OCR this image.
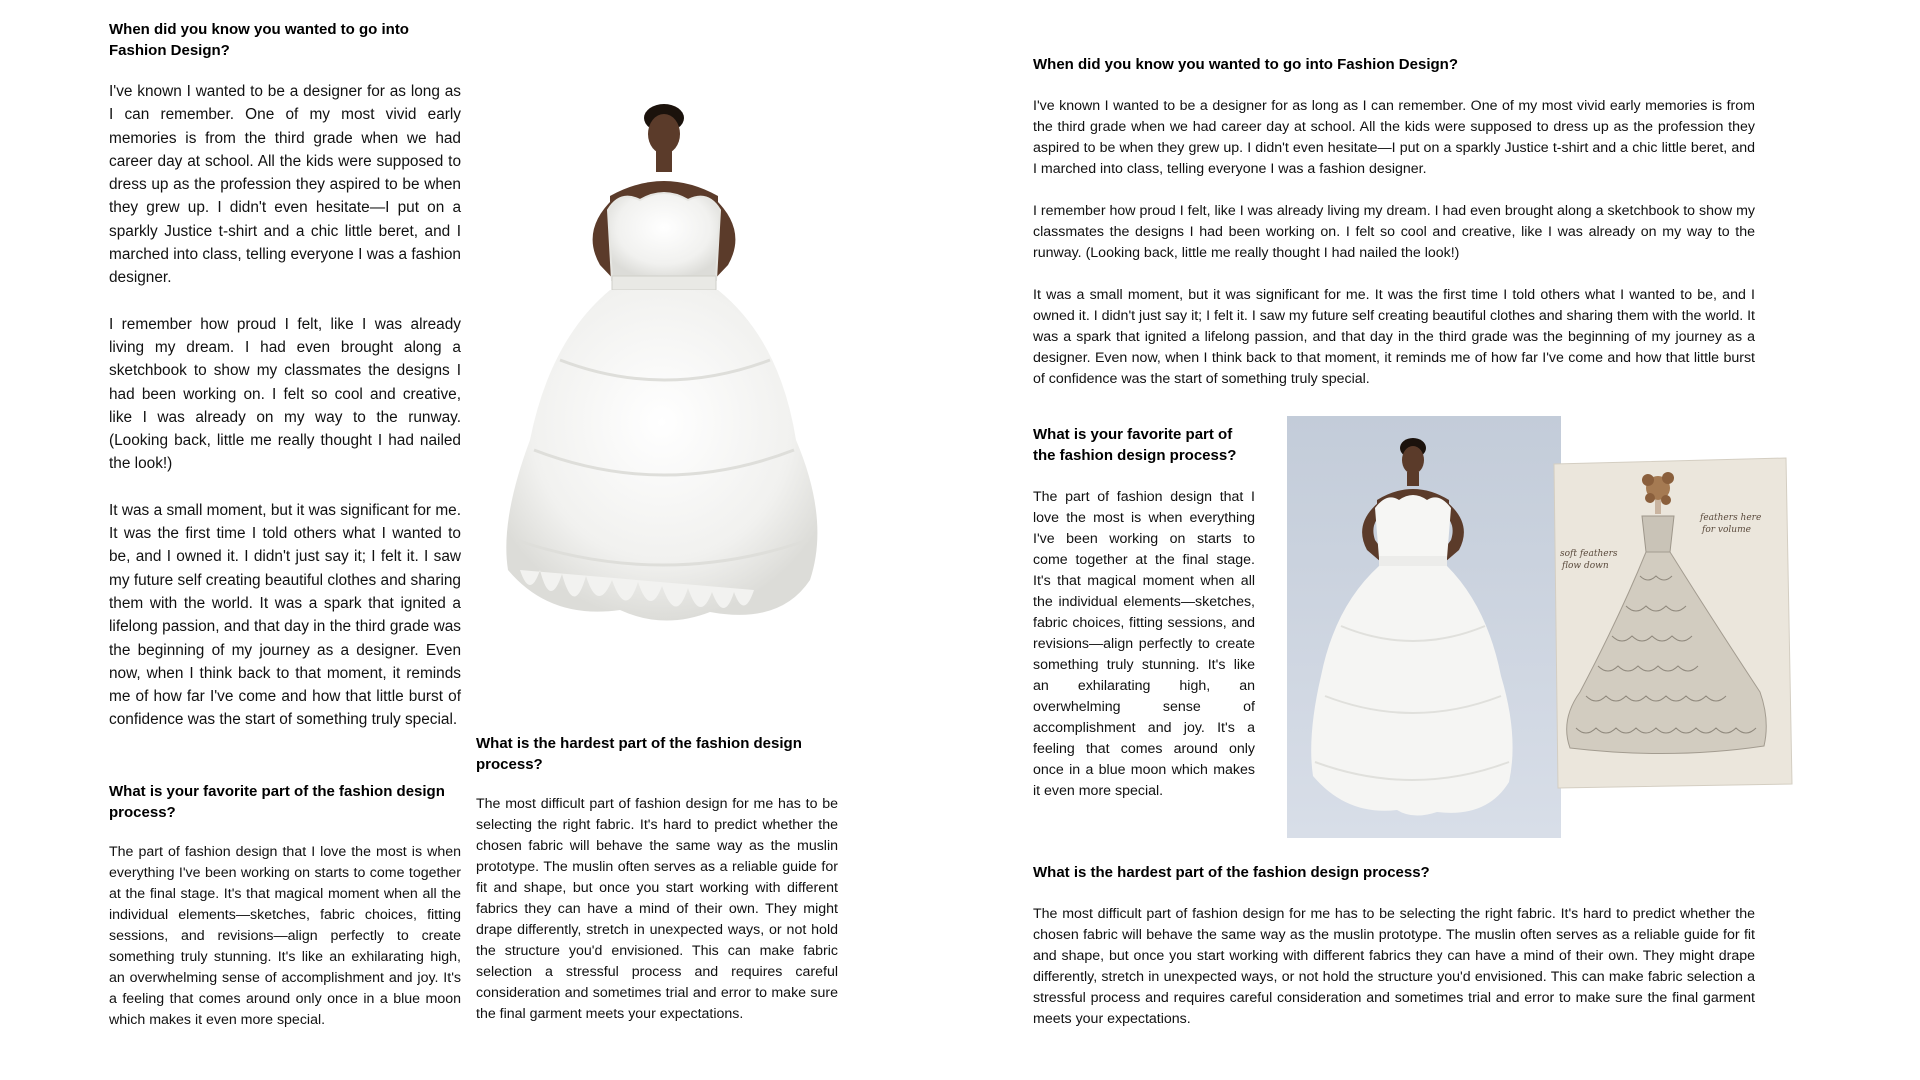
When did you know you wanted to go into Fashion Design?

I've known I wanted to be a designer for as long as I can remember. One of my most vivid early memories is from the third grade when we had career day at school. All the kids were supposed to dress up as the profession they aspired to be when they grew up. I didn't even hesitate—I put on a sparkly Justice t-shirt and a chic little beret, and I marched into class, telling everyone I was a fashion designer.

I remember how proud I felt, like I was already living my dream. I had even brought along a sketchbook to show my classmates the designs I had been working on. I felt so cool and creative, like I was already on my way to the runway. (Looking back, little me really thought I had nailed the look!)

It was a small moment, but it was significant for me. It was the first time I told others what I wanted to be, and I owned it. I didn't just say it; I felt it. I saw my future self creating beautiful clothes and sharing them with the world. It was a spark that ignited a lifelong passion, and that day in the third grade was the beginning of my journey as a designer. Even now, when I think back to that moment, it reminds me of how far I've come and how that little burst of confidence was the start of something truly special.

What is your favorite part of the fashion design process?

The part of fashion design that I love the most is when everything I've been working on starts to come together at the final stage. It's that magical moment when all the individual elements—sketches, fabric choices, fitting sessions, and revisions—align perfectly to create something truly stunning. It's like an exhilarating high, an overwhelming sense of accomplishment and joy. It's a feeling that comes around only once in a blue moon which makes it even more special.

What is the hardest part of the fashion design process?

The most difficult part of fashion design for me has to be selecting the right fabric. It's hard to predict whether the chosen fabric will behave the same way as the muslin prototype. The muslin often serves as a reliable guide for fit and shape, but once you start working with different fabrics they can have a mind of their own. They might drape differently, stretch in unexpected ways, or not hold the structure you'd envisioned. This can make fabric selection a stressful process and requires careful consideration and sometimes trial and error to make sure the final garment meets your expectations.

When did you know you wanted to go into Fashion Design?

I've known I wanted to be a designer for as long as I can remember. One of my most vivid early memories is from the third grade when we had career day at school. All the kids were supposed to dress up as the profession they aspired to be when they grew up. I didn't even hesitate—I put on a sparkly Justice t-shirt and a chic little beret, and I marched into class, telling everyone I was a fashion designer.

I remember how proud I felt, like I was already living my dream. I had even brought along a sketchbook to show my classmates the designs I had been working on. I felt so cool and creative, like I was already on my way to the runway. (Looking back, little me really thought I had nailed the look!)

It was a small moment, but it was significant for me. It was the first time I told others what I wanted to be, and I owned it. I didn't just say it; I felt it. I saw my future self creating beautiful clothes and sharing them with the world. It was a spark that ignited a lifelong passion, and that day in the third grade was the beginning of my journey as a designer. Even now, when I think back to that moment, it reminds me of how far I've come and how that little burst of confidence was the start of something truly special.

What is your favorite part of the fashion design process?

The part of fashion design that I love the most is when everything I've been working on starts to come together at the final stage. It's that magical moment when all the individual elements—sketches, fabric choices, fitting sessions, and revisions—align perfectly to create something truly stunning. It's like an exhilarating high, an overwhelming sense of accomplishment and joy. It's a feeling that comes around only once in a blue moon which makes it even more special.

feathers here
for volume
soft feathers
flow down
What is the hardest part of the fashion design process?

The most difficult part of fashion design for me has to be selecting the right fabric. It's hard to predict whether the chosen fabric will behave the same way as the muslin prototype. The muslin often serves as a reliable guide for fit and shape, but once you start working with different fabrics they can have a mind of their own. They might drape differently, stretch in unexpected ways, or not hold the structure you'd envisioned. This can make fabric selection a stressful process and requires careful consideration and sometimes trial and error to make sure the final garment meets your expectations.
